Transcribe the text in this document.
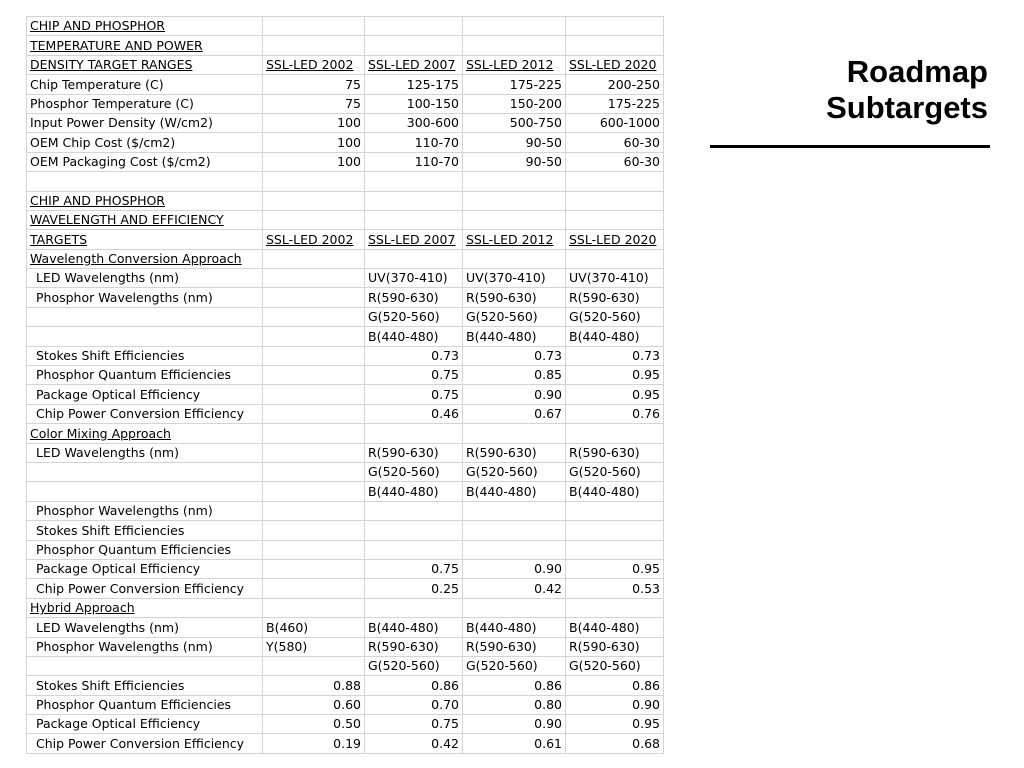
CHIP AND PHOSPHOR				
TEMPERATURE AND POWER				
DENSITY TARGET RANGES	SSL-LED 2002	SSL-LED 2007	SSL-LED 2012	SSL-LED 2020
Chip Temperature (C)	75	125-175	175-225	200-250
Phosphor Temperature (C)	75	100-150	150-200	175-225
Input Power Density (W/cm2)	100	300-600	500-750	600-1000
OEM Chip Cost ($/cm2)	100	110-70	90-50	60-30
OEM Packaging Cost ($/cm2)	100	110-70	90-50	60-30

CHIP AND PHOSPHOR				
WAVELENGTH AND EFFICIENCY				
TARGETS	SSL-LED 2002	SSL-LED 2007	SSL-LED 2012	SSL-LED 2020
Wavelength Conversion Approach				
LED Wavelengths (nm)		UV(370-410)	UV(370-410)	UV(370-410)
Phosphor Wavelengths (nm)		R(590-630)	R(590-630)	R(590-630)
		G(520-560)	G(520-560)	G(520-560)
		B(440-480)	B(440-480)	B(440-480)
Stokes Shift Efficiencies		0.73	0.73	0.73
Phosphor Quantum Efficiencies		0.75	0.85	0.95
Package Optical Efficiency		0.75	0.90	0.95
Chip Power Conversion Efficiency		0.46	0.67	0.76
Color Mixing Approach				
LED Wavelengths (nm)		R(590-630)	R(590-630)	R(590-630)
		G(520-560)	G(520-560)	G(520-560)
		B(440-480)	B(440-480)	B(440-480)
Phosphor Wavelengths (nm)				
Stokes Shift Efficiencies				
Phosphor Quantum Efficiencies				
Package Optical Efficiency		0.75	0.90	0.95
Chip Power Conversion Efficiency		0.25	0.42	0.53
Hybrid Approach				
LED Wavelengths (nm)	B(460)	B(440-480)	B(440-480)	B(440-480)
Phosphor Wavelengths (nm)	Y(580)	R(590-630)	R(590-630)	R(590-630)
		G(520-560)	G(520-560)	G(520-560)
Stokes Shift Efficiencies	0.88	0.86	0.86	0.86
Phosphor Quantum Efficiencies	0.60	0.70	0.80	0.90
Package Optical Efficiency	0.50	0.75	0.90	0.95
Chip Power Conversion Efficiency	0.19	0.42	0.61	0.68
Roadmap
Subtargets
